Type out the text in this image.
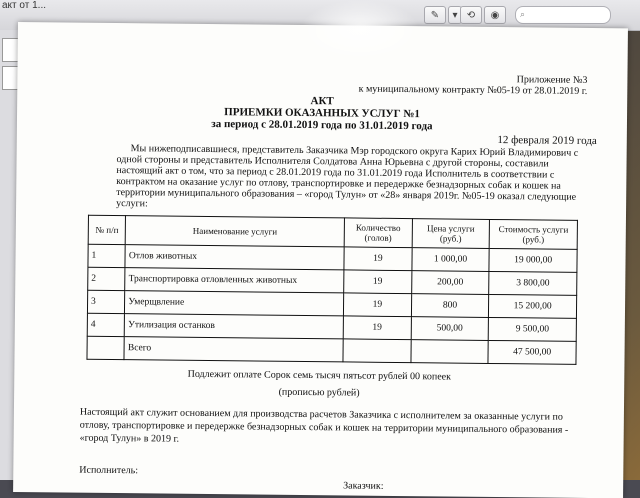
акт от 1...
✎	▾ ⟲	◉	⌕
Приложение №3
к муниципальному контракту №05-19 от 28.01.2019 г.
АКТ
ПРИЕМКИ ОКАЗАННЫХ УСЛУГ №1
за период с 28.01.2019 года по 31.01.2019 года
12 февраля 2019 года
Мы нижеподписавшиеся, представитель Заказчика Мэр городского округа Карих Юрий Владимирович с одной стороны и представитель Исполнителя Солдатова Анна Юрьевна с другой стороны, составили настоящий акт о том, что за период с 28.01.2019 года по 31.01.2019 года Исполнитель в соответствии с контрактом на оказание услуг по отлову, транспортировке и передержке безнадзорных собак и кошек на территории муниципального образования – «город Тулун» от «28» января 2019г. №05-19 оказал следующие услуги:
№ п/п	Наименование услуги	Количество (голов)	Цена услуги (руб.)	Стоимость услуги (руб.)
1	Отлов животных	19	1 000,00	19 000,00
2	Транспортировка отловленных животных	19	200,00	3 800,00
3	Умерщвление	19	800	15 200,00
4	Утилизация останков	19	500,00	9 500,00
	Всего			47 500,00
Подлежит оплате Сорок семь тысяч пятьсот рублей 00 копеек
(прописью рублей)
Настоящий акт служит основанием для производства расчетов Заказчика с исполнителем за оказанные услуги по отлову, транспортировке и передержке безнадзорных собак и кошек на территории муниципального образования - «город Тулун» в 2019 г.
Исполнитель:
Заказчик:
